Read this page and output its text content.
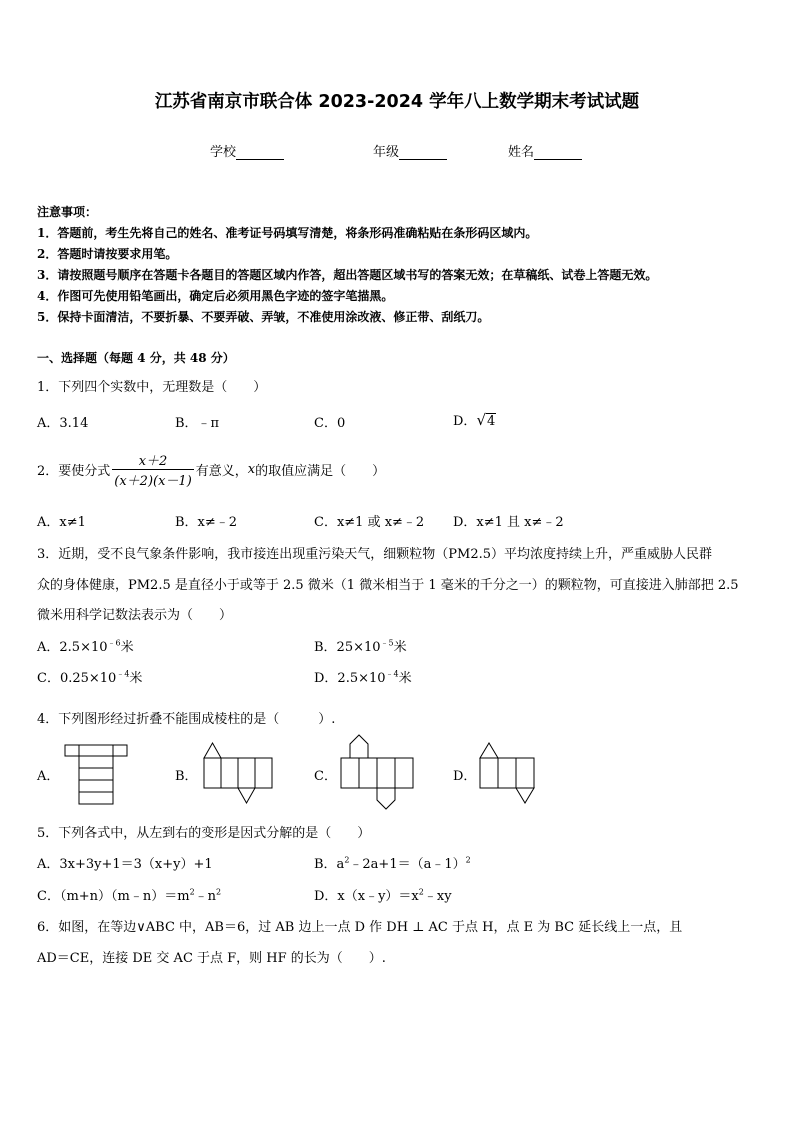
江苏省南京市联合体 2023-2024 学年八上数学期末考试试题
学校	年级	姓名
注意事项：
1．答题前，考生先将自己的姓名、准考证号码填写清楚，将条形码准确粘贴在条形码区域内。
2．答题时请按要求用笔。
3．请按照题号顺序在答题卡各题目的答题区域内作答，超出答题区域书写的答案无效；在草稿纸、试卷上答题无效。
4．作图可先使用铅笔画出，确定后必须用黑色字迹的签字笔描黑。
5．保持卡面清洁，不要折暴、不要弄破、弄皱，不准使用涂改液、修正带、刮纸刀。
一、选择题（每题 4 分，共 48 分）
1．下列四个实数中，无理数是（　　）
A．3.14	B．﹣π	C．0	D．√4
2．要使分式 $\frac{x+2}{(x+2)(x-1)}$ 有意义，x的取值应满足（　　）
A．x≠1	B．x≠﹣2	C．x≠1 或 x≠﹣2 D．x≠1 且 x≠﹣2
3．近期，受不良气象条件影响，我市接连出现重污染天气，细颗粒物（PM2.5）平均浓度持续上升，严重威胁人民群
众的身体健康，PM2.5 是直径小于或等于 2.5 微米（1 微米相当于 1 毫米的千分之一）的颗粒物，可直接进入肺部把 2.5
微米用科学记数法表示为（　　）
A．$2.5\times 10^{﹣6}$米	B．$25\times 10^{﹣5}$米
C．$0.25\times 10^{﹣4}$米	D．$2.5\times 10^{﹣4}$米
4．下列图形经过折叠不能围成棱柱的是（　　　）.
A．	B．	C．	D．
5．下列各式中，从左到右的变形是因式分解的是（　　）
A．3x+3y+1＝3（x+y）+1	B．$a^2﹣2a+1=(a﹣1)^2$
C．$(m+n)(m﹣n)=m^2﹣n^2$	D．$x(x﹣y)=x^2﹣xy$
6．如图，在等边∨ABC 中，AB＝6，过 AB 边上一点 D 作 DH ⊥ AC 于点 H，点 E 为 BC 延长线上一点，且
AD＝CE，连接 DE 交 AC 于点 F，则 HF 的长为（　　）.
